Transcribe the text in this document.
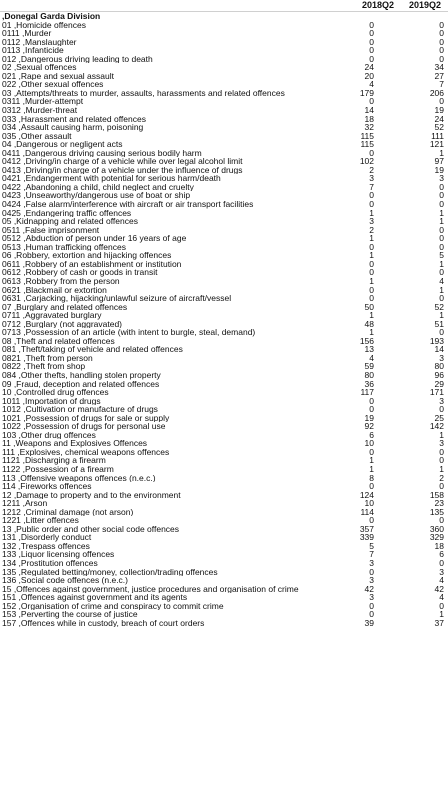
2018Q2 2019Q2
,Donegal Garda Division
01 ,Homicide offences	0	0
0111 ,Murder	0	0
0112 ,Manslaughter	0	0
0113 ,Infanticide	0	0
012 ,Dangerous driving leading to death	0	0
02 ,Sexual offences	24	34
021 ,Rape and sexual assault	20	27
022 ,Other sexual offences	4	7
03 ,Attempts/threats to murder, assaults, harassments and related offences	179	206
0311 ,Murder-attempt	0	0
0312 ,Murder-threat	14	19
033 ,Harassment and related offences	18	24
034 ,Assault causing harm, poisoning	32	52
035 ,Other assault	115	111
04 ,Dangerous or negligent acts	115	121
0411 ,Dangerous driving causing serious bodily harm	0	1
0412 ,Driving/in charge of a vehicle while over legal alcohol limit	102	97
0413 ,Driving/in charge of a vehicle under the influence of drugs	2	19
0421 ,Endangerment with potential for serious harm/death	3	3
0422 ,Abandoning a child, child neglect and cruelty	7	0
0423 ,Unseaworthy/dangerous use of boat or ship	0	0
0424 ,False alarm/interference with aircraft or air transport facilities	0	0
0425 ,Endangering traffic offences	1	1
05 ,Kidnapping and related offences	3	1
0511 ,False imprisonment	2	0
0512 ,Abduction of person under 16 years of age	1	0
0513 ,Human trafficking offences	0	0
06 ,Robbery, extortion and hijacking offences	1	5
0611 ,Robbery of an establishment or institution	0	1
0612 ,Robbery of cash or goods in transit	0	0
0613 ,Robbery from the person	1	4
0621 ,Blackmail or extortion	0	1
0631 ,Carjacking, hijacking/unlawful seizure of aircraft/vessel	0	0
07 ,Burglary and related offences	50	52
0711 ,Aggravated burglary	1	1
0712 ,Burglary (not aggravated)	48	51
0713 ,Possession of an article (with intent to burgle, steal, demand)	1	0
08 ,Theft and related offences	156	193
081 ,Theft/taking of vehicle and related offences	13	14
0821 ,Theft from person	4	3
0822 ,Theft from shop	59	80
084 ,Other thefts, handling stolen property	80	96
09 ,Fraud, deception and related offences	36	29
10 ,Controlled drug offences	117	171
1011 ,Importation of drugs	0	3
1012 ,Cultivation or manufacture of drugs	0	0
1021 ,Possession of drugs for sale or supply	19	25
1022 ,Possession of drugs for personal use	92	142
103 ,Other drug offences	6	1
11 ,Weapons and Explosives Offences	10	3
111 ,Explosives, chemical weapons offences	0	0
1121 ,Discharging a firearm	1	0
1122 ,Possession of a firearm	1	1
113 ,Offensive weapons offences (n.e.c.)	8	2
114 ,Fireworks offences	0	0
12 ,Damage to property and to the environment	124	158
1211 ,Arson	10	23
1212 ,Criminal damage (not arson)	114	135
1221 ,Litter offences	0	0
13 ,Public order and other social code offences	357	360
131 ,Disorderly conduct	339	329
132 ,Trespass offences	5	18
133 ,Liquor licensing offences	7	6
134 ,Prostitution offences	3	0
135 ,Regulated betting/money, collection/trading offences	0	3
136 ,Social code offences (n.e.c.)	3	4
15 ,Offences against government, justice procedures and organisation of crime	42	42
151 ,Offences against government and its agents	3	4
152 ,Organisation of crime and conspiracy to commit crime	0	0
153 ,Perverting the course of justice	0	1
157 ,Offences while in custody, breach of court orders	39	37
